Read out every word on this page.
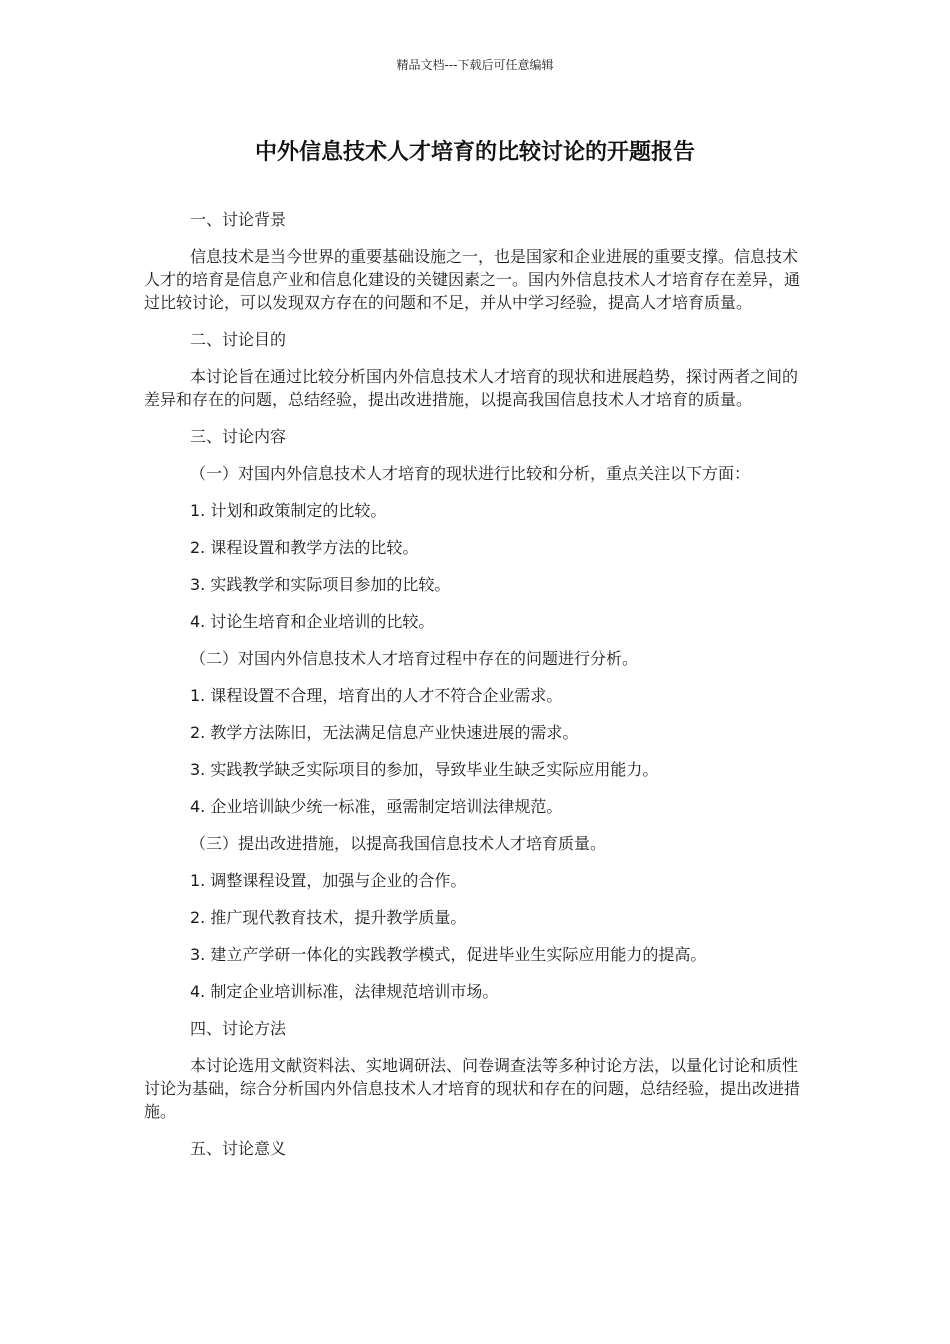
精品文档---下载后可任意编辑
中外信息技术人才培育的比较讨论的开题报告
一、讨论背景
信息技术是当今世界的重要基础设施之一，也是国家和企业进展的重要支撑。信息技术人才的培育是信息产业和信息化建设的关键因素之一。国内外信息技术人才培育存在差异，通过比较讨论，可以发现双方存在的问题和不足，并从中学习经验，提高人才培育质量。
二、讨论目的
本讨论旨在通过比较分析国内外信息技术人才培育的现状和进展趋势，探讨两者之间的差异和存在的问题，总结经验，提出改进措施，以提高我国信息技术人才培育的质量。
三、讨论内容
（一）对国内外信息技术人才培育的现状进行比较和分析，重点关注以下方面：
1. 计划和政策制定的比较。
2. 课程设置和教学方法的比较。
3. 实践教学和实际项目参加的比较。
4. 讨论生培育和企业培训的比较。
（二）对国内外信息技术人才培育过程中存在的问题进行分析。
1. 课程设置不合理，培育出的人才不符合企业需求。
2. 教学方法陈旧，无法满足信息产业快速进展的需求。
3. 实践教学缺乏实际项目的参加，导致毕业生缺乏实际应用能力。
4. 企业培训缺少统一标准，亟需制定培训法律规范。
（三）提出改进措施，以提高我国信息技术人才培育质量。
1. 调整课程设置，加强与企业的合作。
2. 推广现代教育技术，提升教学质量。
3. 建立产学研一体化的实践教学模式，促进毕业生实际应用能力的提高。
4. 制定企业培训标准，法律规范培训市场。
四、讨论方法
本讨论选用文献资料法、实地调研法、问卷调查法等多种讨论方法，以量化讨论和质性讨论为基础，综合分析国内外信息技术人才培育的现状和存在的问题，总结经验，提出改进措施。
五、讨论意义
